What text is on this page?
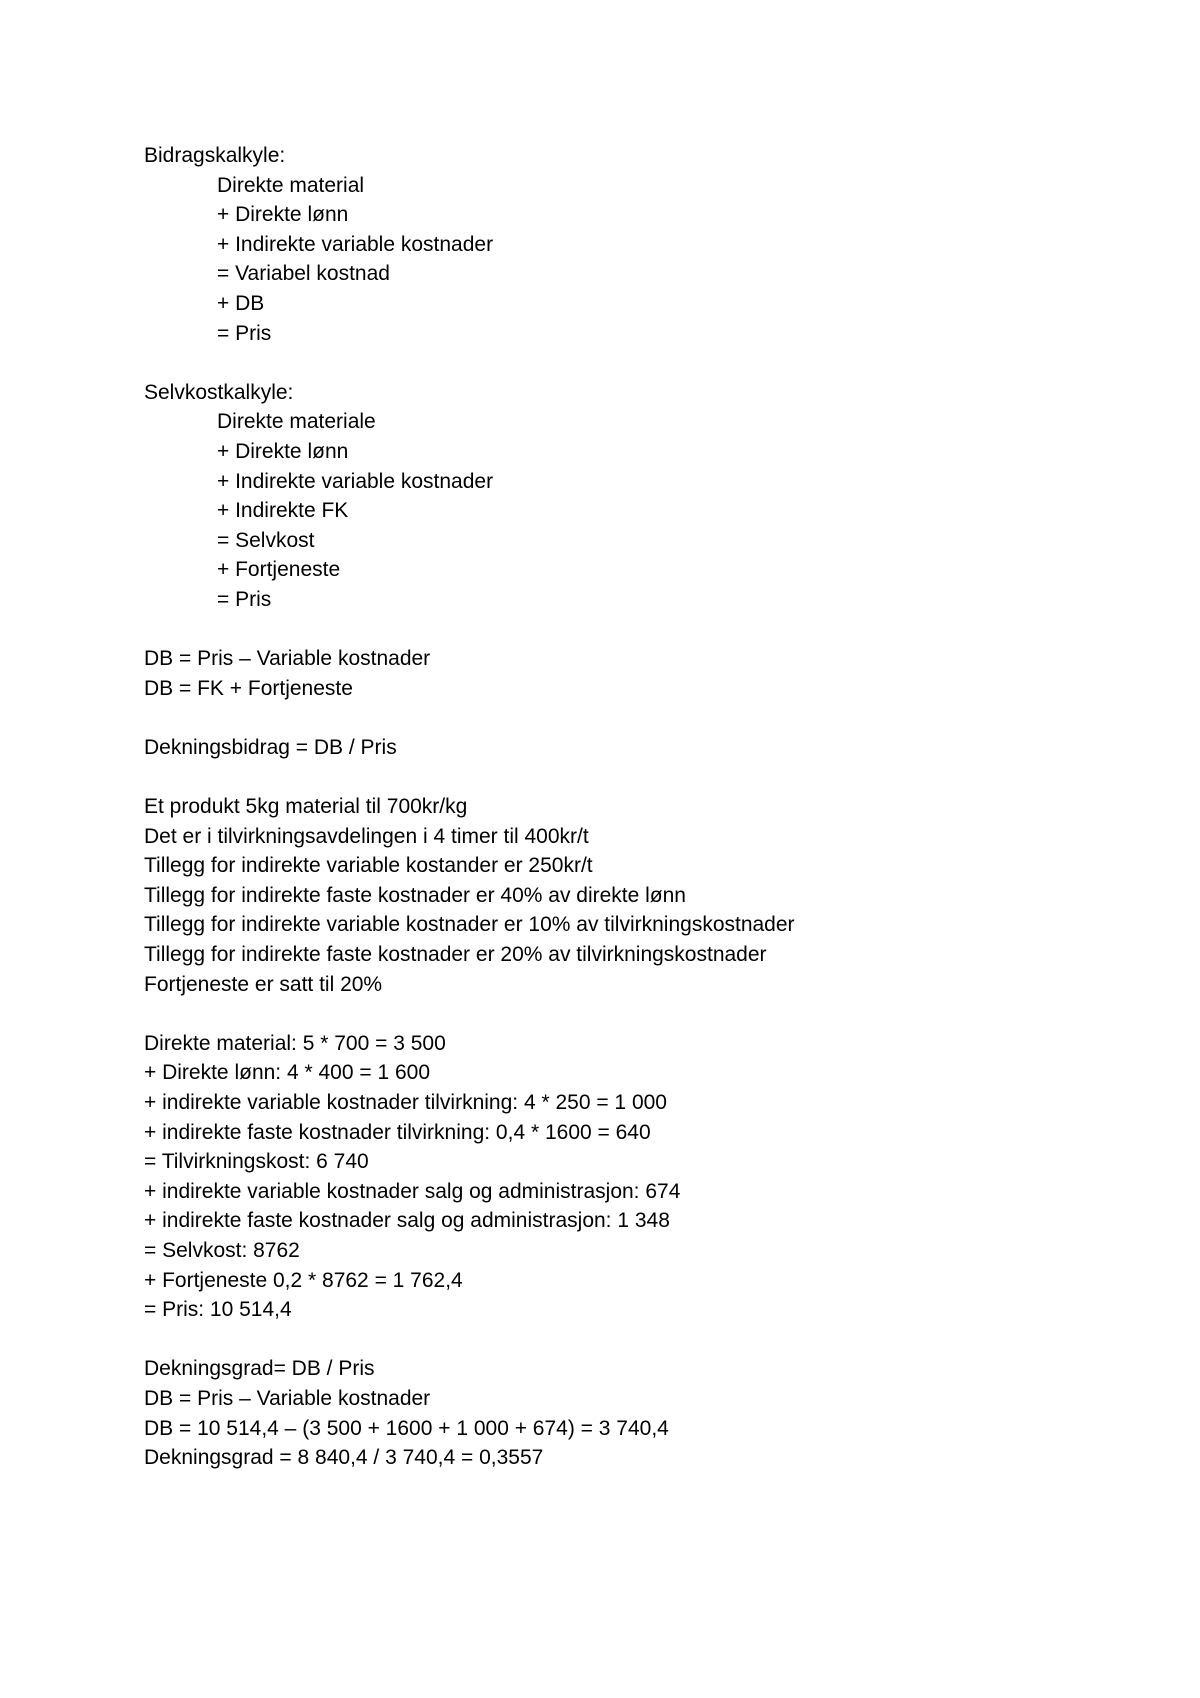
Bidragskalkyle:
Direkte material
+ Direkte lønn
+ Indirekte variable kostnader
= Variabel kostnad
+ DB
= Pris
Selvkostkalkyle:
Direkte materiale
+ Direkte lønn
+ Indirekte variable kostnader
+ Indirekte FK
= Selvkost
+ Fortjeneste
= Pris
DB = Pris – Variable kostnader
DB = FK + Fortjeneste
Dekningsbidrag = DB / Pris
Et produkt 5kg material til 700kr/kg
Det er i tilvirkningsavdelingen i 4 timer til 400kr/t
Tillegg for indirekte variable kostander er 250kr/t
Tillegg for indirekte faste kostnader er 40% av direkte lønn
Tillegg for indirekte variable kostnader er 10% av tilvirkningskostnader
Tillegg for indirekte faste kostnader er 20% av tilvirkningskostnader
Fortjeneste er satt til 20%
Direkte material: 5 * 700 = 3 500
+ Direkte lønn: 4 * 400 = 1 600
+ indirekte variable kostnader tilvirkning: 4 * 250 = 1 000
+ indirekte faste kostnader tilvirkning: 0,4 * 1600 = 640
= Tilvirkningskost: 6 740
+ indirekte variable kostnader salg og administrasjon: 674
+ indirekte faste kostnader salg og administrasjon: 1 348
= Selvkost: 8762
+ Fortjeneste 0,2 * 8762 = 1 762,4
= Pris: 10 514,4
Dekningsgrad= DB / Pris
DB = Pris – Variable kostnader
DB = 10 514,4 – (3 500 + 1600 + 1 000 + 674) = 3 740,4
Dekningsgrad = 8 840,4 / 3 740,4 = 0,3557
